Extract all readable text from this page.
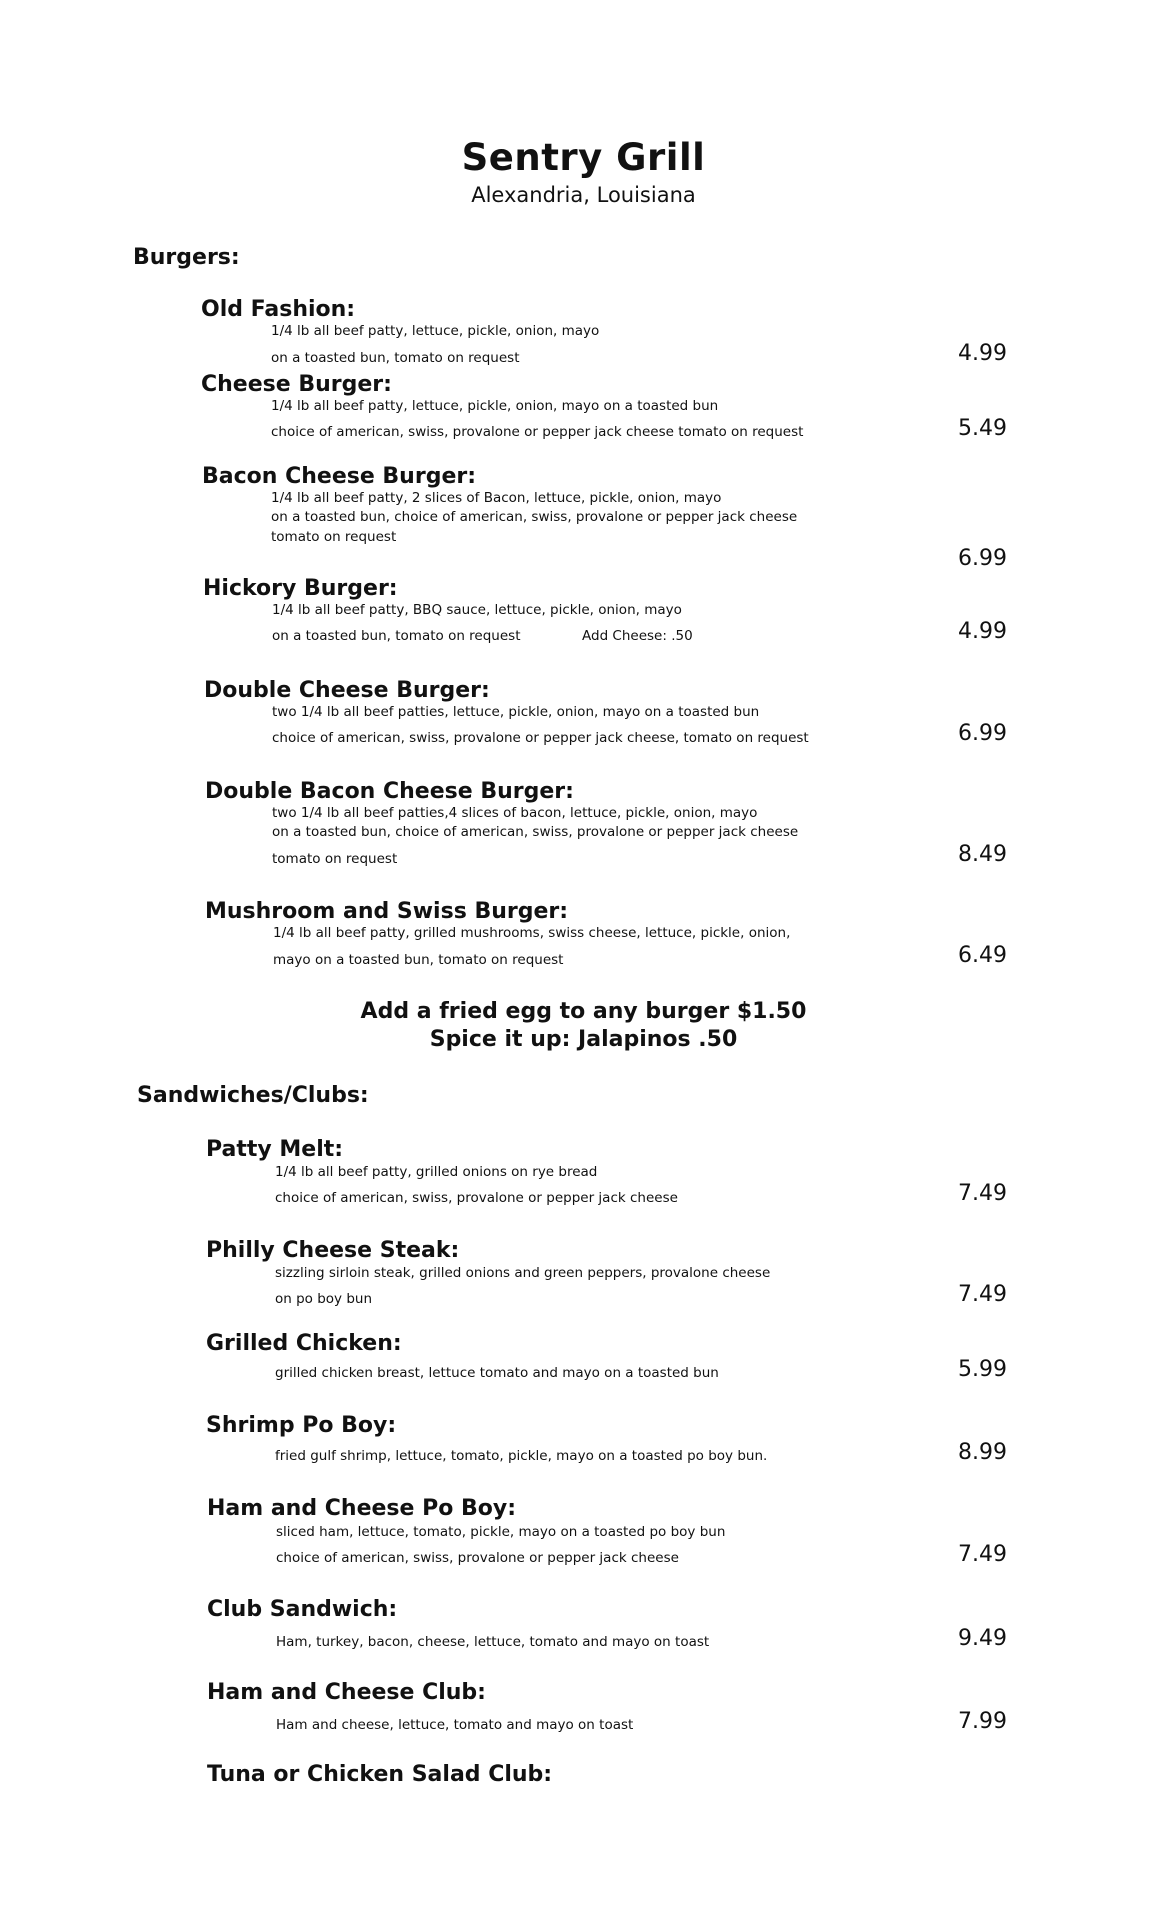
Sentry Grill
Alexandria, Louisiana
Burgers:
Old Fashion:
1/4 lb all beef patty, lettuce, pickle, onion, mayo
on a toasted bun, tomato on request	4.99
Cheese Burger:
1/4 lb all beef patty, lettuce, pickle, onion, mayo on a toasted bun
choice of american, swiss, provalone or pepper jack cheese tomato on request	5.49
Bacon Cheese Burger:
1/4 lb all beef patty, 2 slices of Bacon, lettuce, pickle, onion, mayo
on a toasted bun, choice of american, swiss, provalone or pepper jack cheese
tomato on request
6.99
Hickory Burger:
1/4 lb all beef patty, BBQ sauce, lettuce, pickle, onion, mayo
on a toasted bun, tomato on request	Add Cheese: .50	4.99
Double Cheese Burger:
two 1/4 lb all beef patties, lettuce, pickle, onion, mayo on a toasted bun
choice of american, swiss, provalone or pepper jack cheese, tomato on request	6.99
Double Bacon Cheese Burger:
two 1/4 lb all beef patties,4 slices of bacon, lettuce, pickle, onion, mayo
on a toasted bun, choice of american, swiss, provalone or pepper jack cheese
tomato on request	8.49
Mushroom and Swiss Burger:
1/4 lb all beef patty, grilled mushrooms, swiss cheese, lettuce, pickle, onion,
mayo on a toasted bun, tomato on request	6.49
Add a fried egg to any burger $1.50
Spice it up: Jalapinos .50
Sandwiches/Clubs:
Patty Melt:
1/4 lb all beef patty, grilled onions on rye bread
choice of american, swiss, provalone or pepper jack cheese	7.49
Philly Cheese Steak:
sizzling sirloin steak, grilled onions and green peppers, provalone cheese
on po boy bun	7.49
Grilled Chicken:
grilled chicken breast, lettuce tomato and mayo on a toasted bun	5.99
Shrimp Po Boy:
fried gulf shrimp, lettuce, tomato, pickle, mayo on a toasted po boy bun.	8.99
Ham and Cheese Po Boy:
sliced ham, lettuce, tomato, pickle, mayo on a toasted po boy bun
choice of american, swiss, provalone or pepper jack cheese	7.49
Club Sandwich:
Ham, turkey, bacon, cheese, lettuce, tomato and mayo on toast	9.49
Ham and Cheese Club:
Ham and cheese, lettuce, tomato and mayo on toast	7.99
Tuna or Chicken Salad Club:
